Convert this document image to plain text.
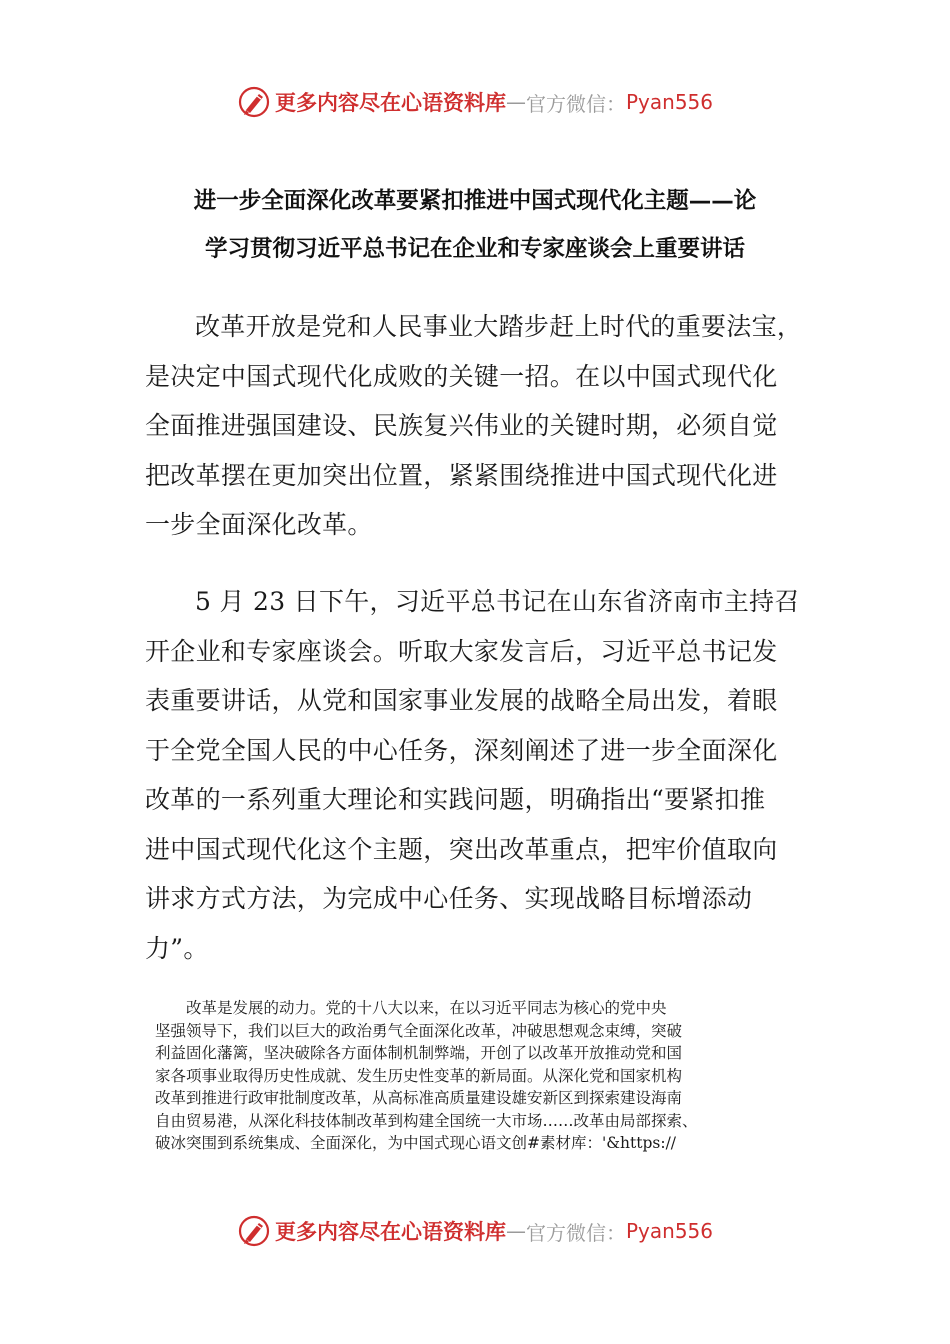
更多内容尽在心语资料库 — 官方微信： Pyan556
进一步全面深化改革要紧扣推进中国式现代化主题——论
学习贯彻习近平总书记在企业和专家座谈会上重要讲话
改革开放是党和人民事业大踏步赶上时代的重要法宝，
是决定中国式现代化成败的关键一招。在以中国式现代化
全面推进强国建设、民族复兴伟业的关键时期，必须自觉
把改革摆在更加突出位置，紧紧围绕推进中国式现代化进
一步全面深化改革。
5 月 23 日下午，习近平总书记在山东省济南市主持召
开企业和专家座谈会。听取大家发言后，习近平总书记发
表重要讲话，从党和国家事业发展的战略全局出发，着眼
于全党全国人民的中心任务，深刻阐述了进一步全面深化
改革的一系列重大理论和实践问题，明确指出“要紧扣推
进中国式现代化这个主题，突出改革重点，把牢价值取向
讲求方式方法，为完成中心任务、实现战略目标增添动
力”。
改革是发展的动力。党的十八大以来，在以习近平同志为核心的党中央
坚强领导下，我们以巨大的政治勇气全面深化改革，冲破思想观念束缚，突破
利益固化藩篱，坚决破除各方面体制机制弊端，开创了以改革开放推动党和国
家各项事业取得历史性成就、发生历史性变革的新局面。从深化党和国家机构
改革到推进行政审批制度改革，从高标准高质量建设雄安新区到探索建设海南
自由贸易港，从深化科技体制改革到构建全国统一大市场……改革由局部探索、
破冰突围到系统集成、全面深化，为中国式现心语文创#素材库：'&https://
更多内容尽在心语资料库 — 官方微信： Pyan556
